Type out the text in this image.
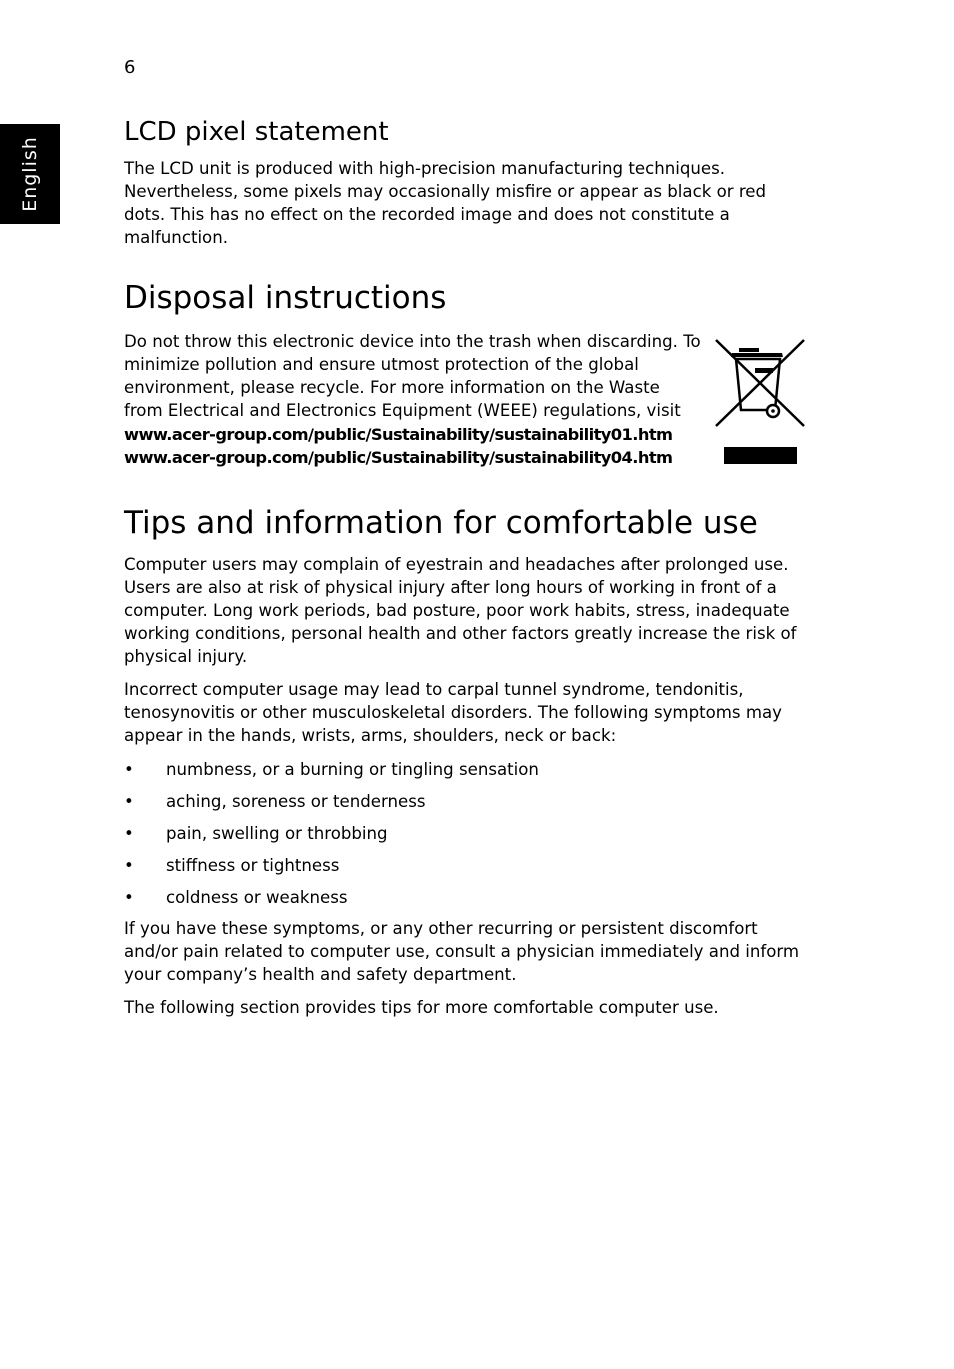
6
English
LCD pixel statement

The LCD unit is produced with high-precision manufacturing techniques. Nevertheless, some pixels may occasionally misfire or appear as black or red dots. This has no effect on the recorded image and does not constitute a malfunction.

Disposal instructions

Do not throw this electronic device into the trash when discarding. To minimize pollution and ensure utmost protection of the global environment, please recycle. For more information on the Waste from Electrical and Electronics Equipment (WEEE) regulations, visit

www.acer-group.com/public/Sustainability/sustainability01.htm
www.acer-group.com/public/Sustainability/sustainability04.htm
Tips and information for comfortable use

Computer users may complain of eyestrain and headaches after prolonged use. Users are also at risk of physical injury after long hours of working in front of a computer. Long work periods, bad posture, poor work habits, stress, inadequate working conditions, personal health and other factors greatly increase the risk of physical injury.

Incorrect computer usage may lead to carpal tunnel syndrome, tendonitis, tenosynovitis or other musculoskeletal disorders. The following symptoms may appear in the hands, wrists, arms, shoulders, neck or back:

• numbness, or a burning or tingling sensation
• aching, soreness or tenderness
• pain, swelling or throbbing
• stiffness or tightness
• coldness or weakness

If you have these symptoms, or any other recurring or persistent discomfort and/or pain related to computer use, consult a physician immediately and inform your company’s health and safety department.

The following section provides tips for more comfortable computer use.
